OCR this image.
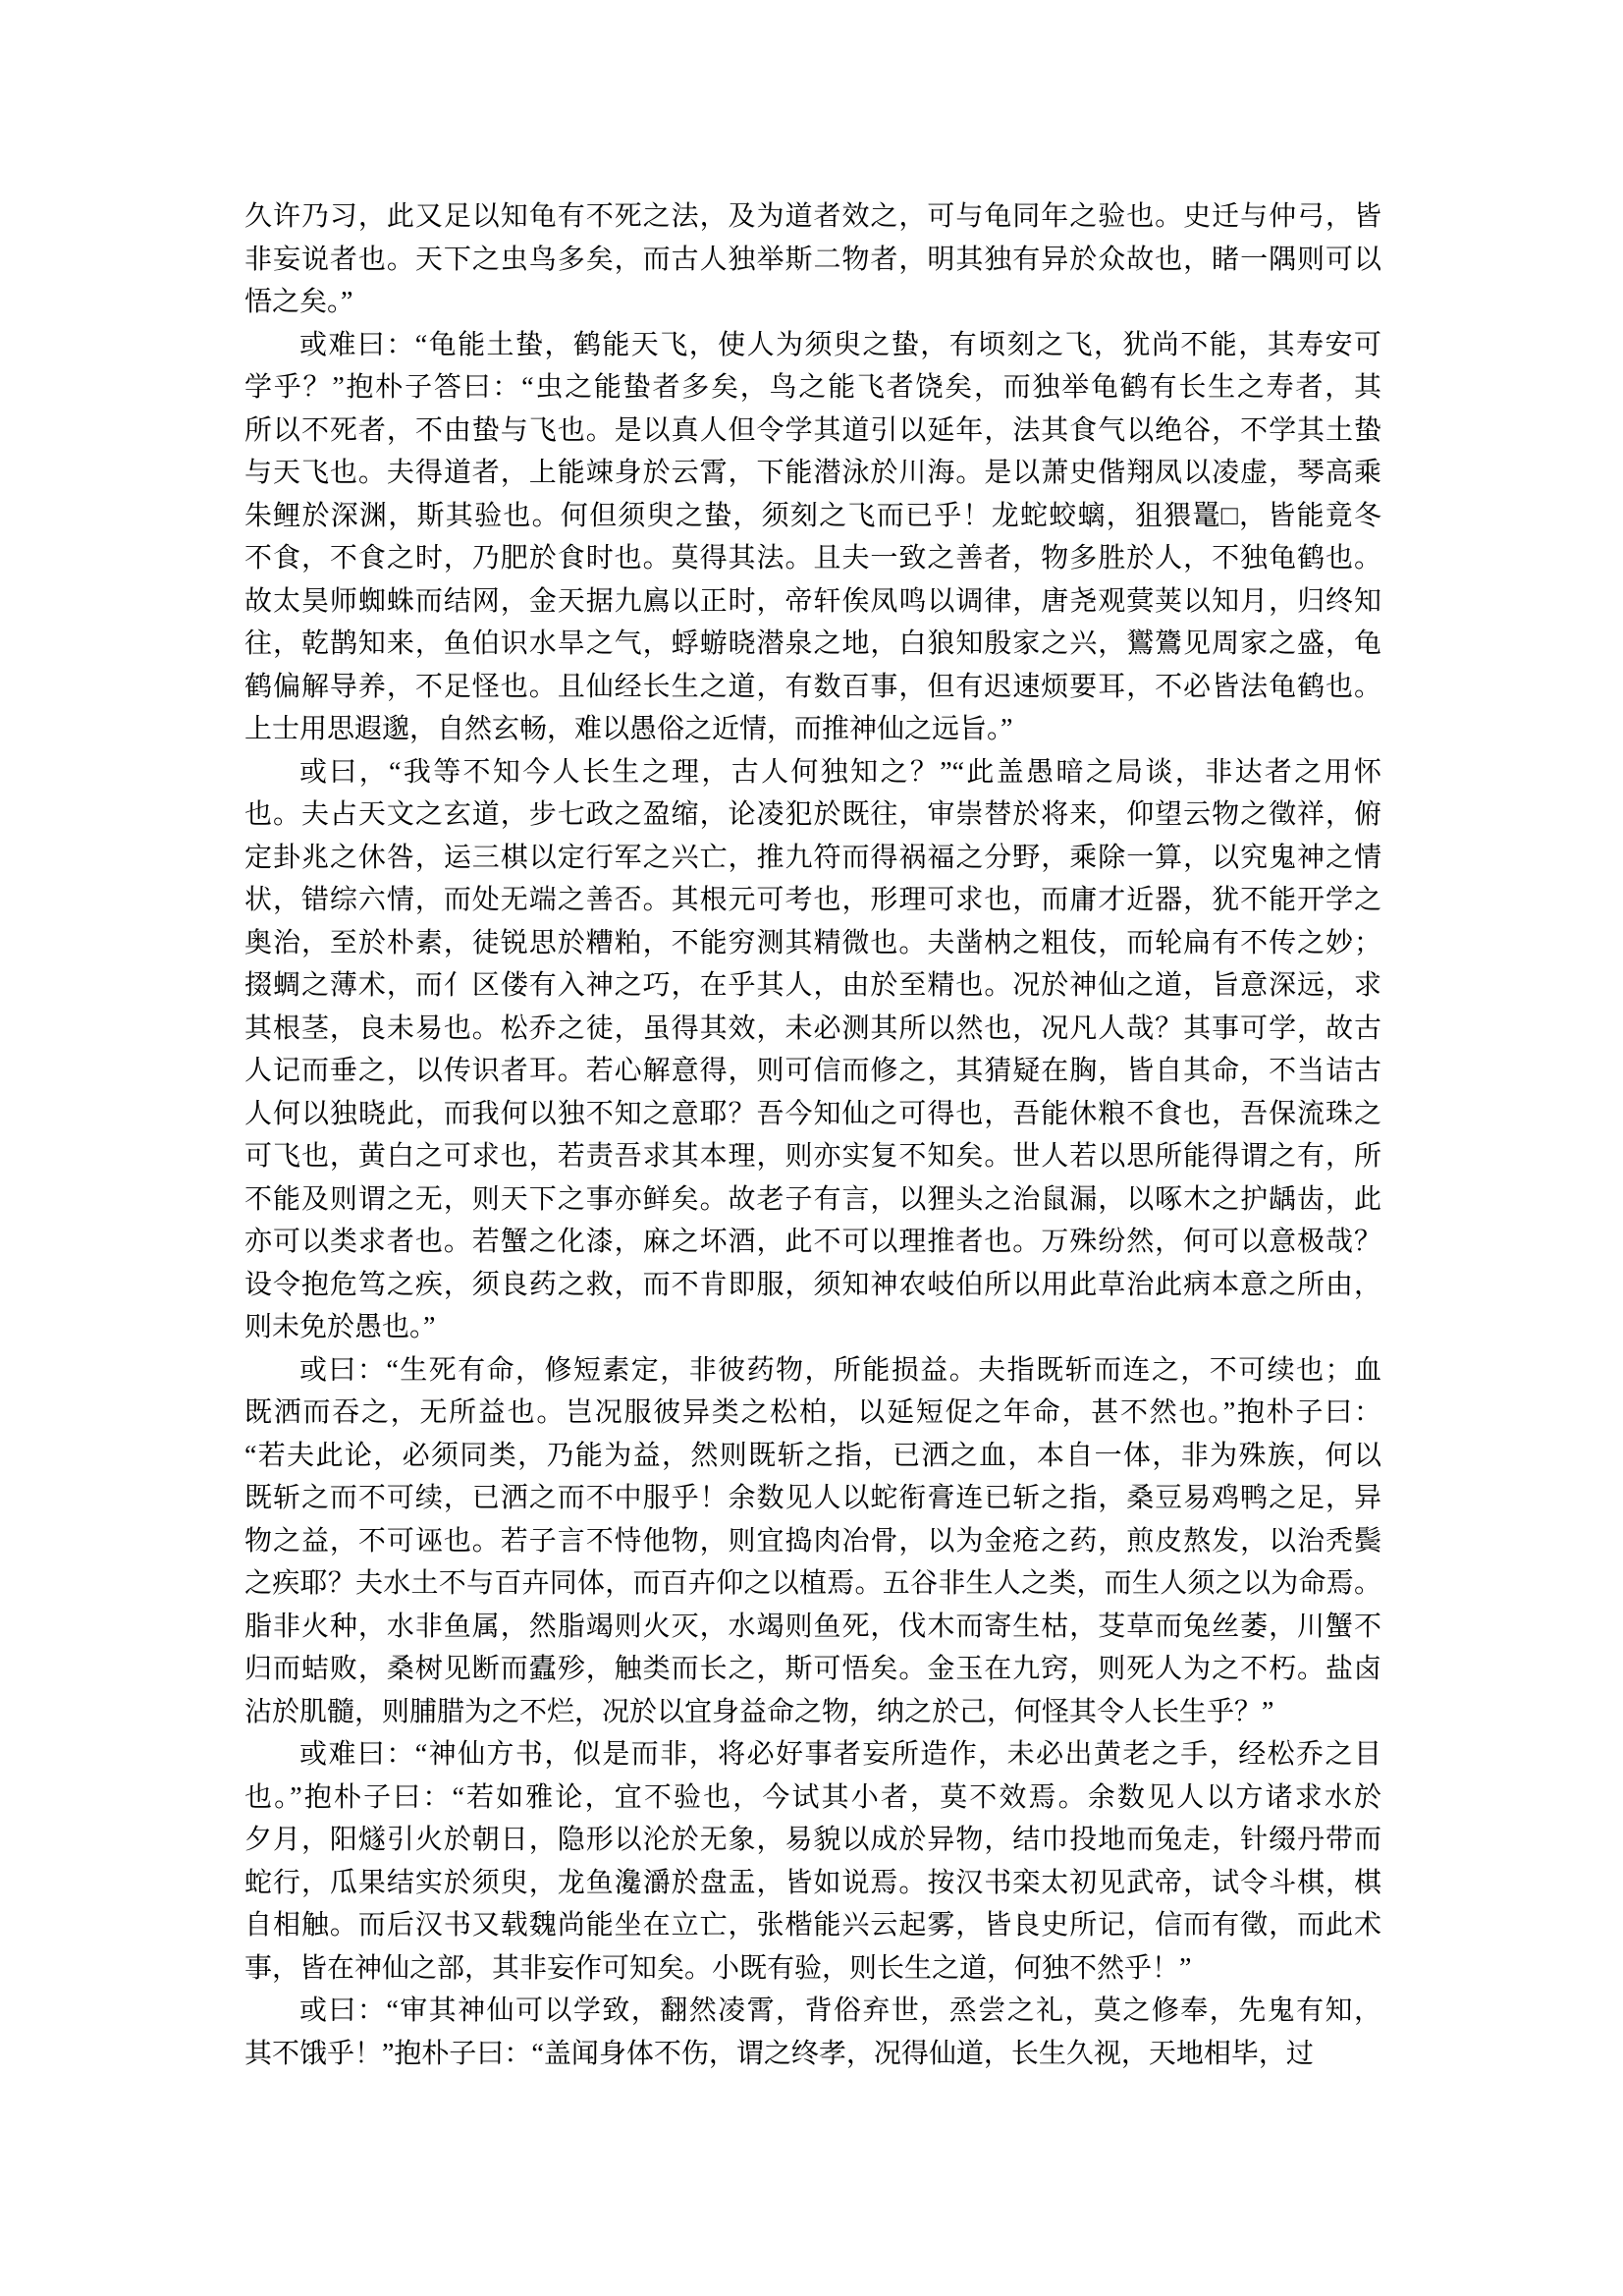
久许乃习，此又足以知龟有不死之法，及为道者效之，可与龟同年之验也。史迁与仲弓，皆
非妄说者也。天下之虫鸟多矣，而古人独举斯二物者，明其独有异於众故也，睹一隅则可以
悟之矣。”
或难曰：“龟能土蛰，鹤能天飞，使人为须臾之蛰，有顷刻之飞，犹尚不能，其寿安可
学乎？”抱朴子答曰：“虫之能蛰者多矣，鸟之能飞者饶矣，而独举龟鹤有长生之寿者，其
所以不死者，不由蛰与飞也。是以真人但令学其道引以延年，法其食气以绝谷，不学其土蛰
与天飞也。夫得道者，上能竦身於云霄，下能潜泳於川海。是以萧史偕翔凤以凌虚，琴高乘
朱鲤於深渊，斯其验也。何但须臾之蛰，须刻之飞而已乎！龙蛇蛟螭，狙猥鼍□，皆能竟冬
不食，不食之时，乃肥於食时也。莫得其法。且夫一致之善者，物多胜於人，不独龟鹤也。
故太昊师蜘蛛而结网，金天据九鳸以正时，帝轩俟凤鸣以调律，唐尧观蓂荚以知月，归终知
往，乾鹊知来，鱼伯识水旱之气，蜉蝣晓潜泉之地，白狼知殷家之兴，鸑鷟见周家之盛，龟
鹤偏解导养，不足怪也。且仙经长生之道，有数百事，但有迟速烦要耳，不必皆法龟鹤也。
上士用思遐邈，自然玄畅，难以愚俗之近情，而推神仙之远旨。”
或曰，“我等不知今人长生之理，古人何独知之？”“此盖愚暗之局谈，非达者之用怀
也。夫占天文之玄道，步七政之盈缩，论凌犯於既往，审崇替於将来，仰望云物之徵祥，俯
定卦兆之休咎，运三棋以定行军之兴亡，推九符而得祸福之分野，乘除一算，以究鬼神之情
状，错综六情，而处无端之善否。其根元可考也，形理可求也，而庸才近器，犹不能开学之
奥治，至於朴素，徒锐思於糟粕，不能穷测其精微也。夫凿枘之粗伎，而轮扁有不传之妙；
掇蜩之薄术，而亻区偻有入神之巧，在乎其人，由於至精也。况於神仙之道，旨意深远，求
其根茎，良未易也。松乔之徒，虽得其效，未必测其所以然也，况凡人哉？其事可学，故古
人记而垂之，以传识者耳。若心解意得，则可信而修之，其猜疑在胸，皆自其命，不当诘古
人何以独晓此，而我何以独不知之意耶？吾今知仙之可得也，吾能休粮不食也，吾保流珠之
可飞也，黄白之可求也，若责吾求其本理，则亦实复不知矣。世人若以思所能得谓之有，所
不能及则谓之无，则天下之事亦鲜矣。故老子有言，以狸头之治鼠漏，以啄木之护龋齿，此
亦可以类求者也。若蟹之化漆，麻之坏酒，此不可以理推者也。万殊纷然，何可以意极哉？
设令抱危笃之疾，须良药之救，而不肯即服，须知神农岐伯所以用此草治此病本意之所由，
则未免於愚也。”
或曰：“生死有命，修短素定，非彼药物，所能损益。夫指既斩而连之，不可续也；血
既洒而吞之，无所益也。岂况服彼异类之松柏，以延短促之年命，甚不然也。”抱朴子曰：
“若夫此论，必须同类，乃能为益，然则既斩之指，已洒之血，本自一体，非为殊族，何以
既斩之而不可续，已洒之而不中服乎！余数见人以蛇衔膏连已斩之指，桑豆易鸡鸭之足，异
物之益，不可诬也。若子言不恃他物，则宜捣肉冶骨，以为金疮之药，煎皮熬发，以治秃鬓
之疾耶？夫水土不与百卉同体，而百卉仰之以植焉。五谷非生人之类，而生人须之以为命焉。
脂非火种，水非鱼属，然脂竭则火灭，水竭则鱼死，伐木而寄生枯，芟草而兔丝萎，川蟹不
归而蛣败，桑树见断而蠹殄，触类而长之，斯可悟矣。金玉在九窍，则死人为之不朽。盐卤
沾於肌髓，则脯腊为之不烂，况於以宜身益命之物，纳之於己，何怪其令人长生乎？”
或难曰：“神仙方书，似是而非，将必好事者妄所造作，未必出黄老之手，经松乔之目
也。”抱朴子曰：“若如雅论，宜不验也，今试其小者，莫不效焉。余数见人以方诸求水於
夕月，阳燧引火於朝日，隐形以沦於无象，易貌以成於异物，结巾投地而兔走，针缀丹带而
蛇行，瓜果结实於须臾，龙鱼瀺灂於盘盂，皆如说焉。按汉书栾太初见武帝，试令斗棋，棋
自相触。而后汉书又载魏尚能坐在立亡，张楷能兴云起雾，皆良史所记，信而有徵，而此术
事，皆在神仙之部，其非妄作可知矣。小既有验，则长生之道，何独不然乎！”
或曰：“审其神仙可以学致，翻然凌霄，背俗弃世，烝尝之礼，莫之修奉，先鬼有知，
其不饿乎！”抱朴子曰：“盖闻身体不伤，谓之终孝，况得仙道，长生久视，天地相毕，过
